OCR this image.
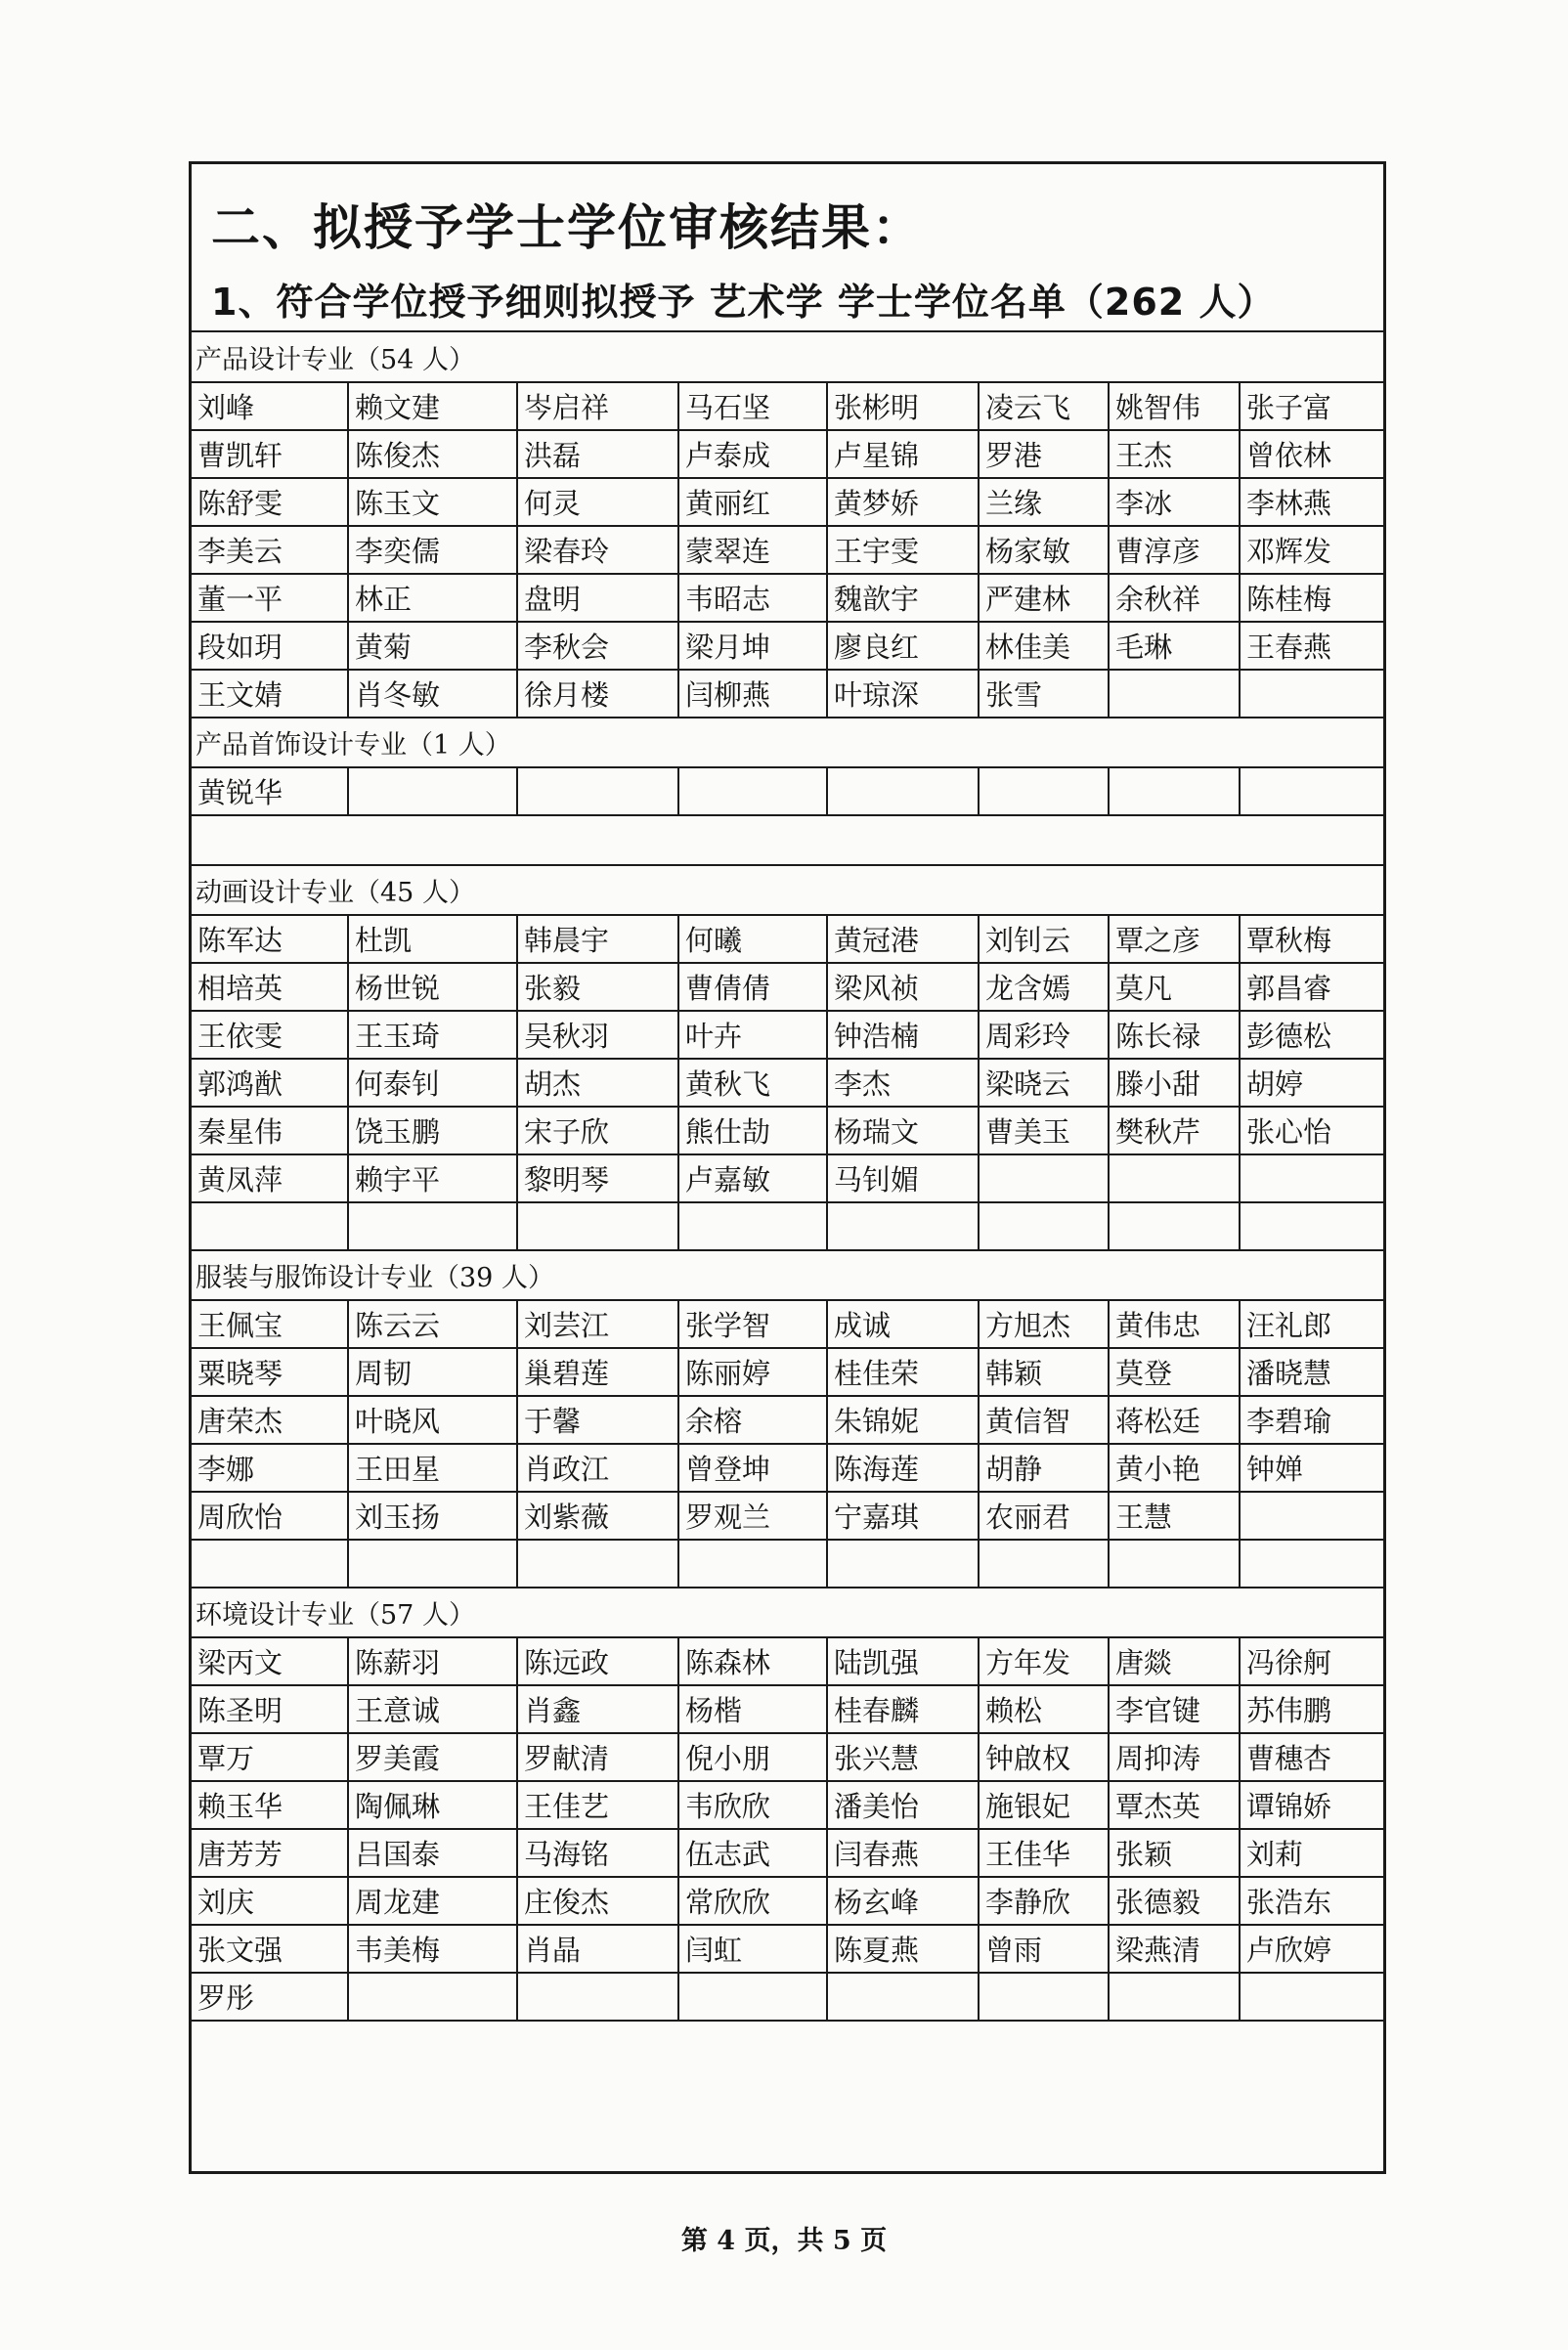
二、拟授予学士学位审核结果：
1、符合学位授予细则拟授予 艺术学 学士学位名单（262 人）
产品设计专业（54 人）							
刘峰	赖文建	岑启祥	马石坚	张彬明	凌云飞	姚智伟	张子富
曹凯轩	陈俊杰	洪磊	卢泰成	卢星锦	罗港	王杰	曾依林
陈舒雯	陈玉文	何灵	黄丽红	黄梦娇	兰缘	李冰	李林燕
李美云	李奕儒	梁春玲	蒙翠连	王宇雯	杨家敏	曹淳彦	邓辉发
董一平	林正	盘明	韦昭志	魏歆宇	严建林	余秋祥	陈桂梅
段如玥	黄菊	李秋会	梁月坤	廖良红	林佳美	毛琳	王春燕
王文婧	肖冬敏	徐月楼	闫柳燕	叶琼深	张雪		
产品首饰设计专业（1 人）							
黄锐华							

动画设计专业（45 人）							
陈军达	杜凯	韩晨宇	何曦	黄冠港	刘钊云	覃之彦	覃秋梅
相培英	杨世锐	张毅	曹倩倩	梁风祯	龙含嫣	莫凡	郭昌睿
王依雯	王玉琦	吴秋羽	叶卉	钟浩楠	周彩玲	陈长禄	彭德松
郭鸿猷	何泰钊	胡杰	黄秋飞	李杰	梁晓云	滕小甜	胡婷
秦星伟	饶玉鹏	宋子欣	熊仕劼	杨瑞文	曹美玉	樊秋芹	张心怡
黄凤萍	赖宇平	黎明琴	卢嘉敏	马钊媚			

服装与服饰设计专业（39 人）							
王佩宝	陈云云	刘芸江	张学智	成诚	方旭杰	黄伟忠	汪礼郎
粟晓琴	周韧	巢碧莲	陈丽婷	桂佳荣	韩颖	莫登	潘晓慧
唐荣杰	叶晓风	于馨	余榕	朱锦妮	黄信智	蒋松廷	李碧瑜
李娜	王田星	肖政江	曾登坤	陈海莲	胡静	黄小艳	钟婵
周欣怡	刘玉扬	刘紫薇	罗观兰	宁嘉琪	农丽君	王慧	

环境设计专业（57 人）							
梁丙文	陈薪羽	陈远政	陈森林	陆凯强	方年发	唐燚	冯徐舸
陈圣明	王意诚	肖鑫	杨楷	桂春麟	赖松	李官键	苏伟鹏
覃万	罗美霞	罗献清	倪小朋	张兴慧	钟啟权	周抑涛	曹穗杏
赖玉华	陶佩琳	王佳艺	韦欣欣	潘美怡	施银妃	覃杰英	谭锦娇
唐芳芳	吕国泰	马海铭	伍志武	闫春燕	王佳华	张颖	刘莉
刘庆	周龙建	庄俊杰	常欣欣	杨玄峰	李静欣	张德毅	张浩东
张文强	韦美梅	肖晶	闫虹	陈夏燕	曾雨	梁燕清	卢欣婷
罗彤							
第 4 页，共 5 页
